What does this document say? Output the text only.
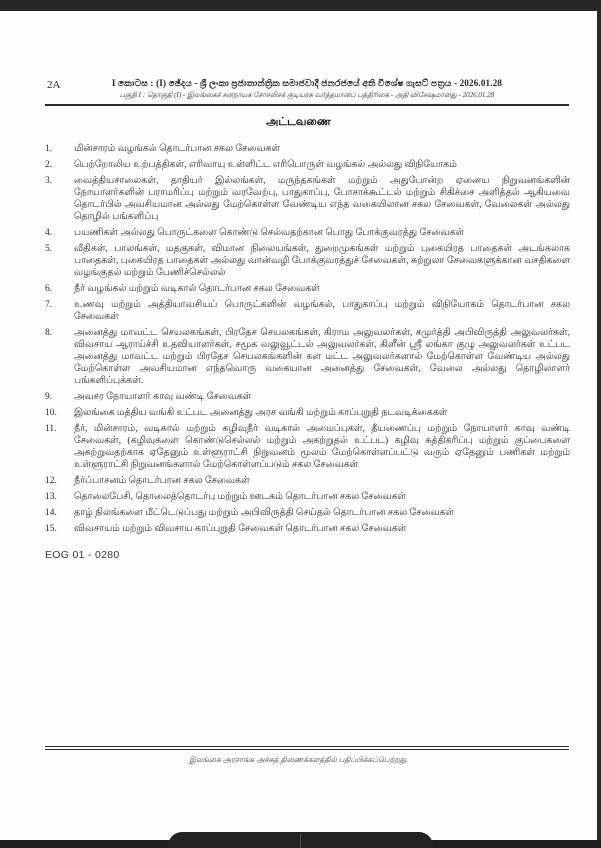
2A	I කොටස : (I) ඡේදය - ශ්‍රී ලංකා ප්‍රජාතාන්ත්‍රික සමාජවාදී ජනරජයේ අති විශේෂ ගැසට් පත්‍රය - 2026.01.28
பகுதி I : தொகுதி (I) - இலங்கைச் சனநாயக சோசலிசக் குடியரசு வர்த்தமானப் பத்திரிகை - அதி விசேஷமானது - 2026.01.28
அட்டவணை
1.	மின்சாரம் வழங்கல் தொடர்பான சகல சேவைகள்
2.	பெற்றோலிய உற்பத்திகள், எரிவாயு உள்ளிட்ட எரிபொருள் வழங்கல் அல்லது விநியோகம்
3.	வைத்தியசாலைகள், தாதியர் இல்லங்கள், மருந்தகங்கள் மற்றும் அதுபோன்ற ஏனைய நிறுவனங்களின் நோயாளர்களின் பராமரிப்பு மற்றும் வரவேற்பு, பாதுகாப்பு, போசாக்கூட்டல் மற்றும் சிகிச்சை அளித்தல் ஆகியவை தொடர்பில் அவசியமான அல்லது மேற்கொள்ள வேண்டிய எந்த வகையிலான சகல சேவைகள், வேலைகள் அல்லது தொழில் பங்களிப்பு
4.	பயணிகள் அல்லது பொருட்களை கொண்டு செல்வதற்கான பொது போக்குவரத்து சேவைகள்
5.	வீதிகள், பாலங்கள், மதகுகள், விமான நிலையங்கள், துறைமுகங்கள் மற்றும் புகையிரத பாதைகள் அடங்கலாக பாதைகள், புகையிரத பாதைகள் அல்லது வான்வழி போக்குவரத்துச் சேவைகள், சுற்றுலா சேவைகளுக்கான வசதிகளை வழங்குதல் மற்றும் பேணிச்செல்லல்
6.	நீர் வழங்கல் மற்றும் வடிகால் தொடர்பான சகல சேவைகள்
7.	உணவு மற்றும் அத்தியாவசியப் பொருட்களின் வழங்கல், பாதுகாப்பு மற்றும் விநியோகம் தொடர்பான சகல சேவைகள்
8.	அனைத்து மாவட்ட செயலகங்கள், பிரதேச செயலகங்கள், கிராம அலுவலர்கள், சமுர்த்தி அபிவிருத்தி அலுவலர்கள், விவசாய ஆராய்ச்சி உதவியாளர்கள், சமூக வலுவூட்டல் அலுவலர்கள், கிளீன் ஸ்ரீ லங்கா குழு அலுவலர்கள் உட்பட அனைத்து மாவட்ட மற்றும் பிரதேச செயலகங்களின் கள மட்ட அலுவலர்களால் மேற்கொள்ள வேண்டிய அல்லது மேற்கொள்ள அவசியமான எந்தவொரு வகையான அனைத்து சேவைகள், வேலை அல்லது தொழிலாளர் பங்களிப்புக்கள்.
9.	அவசர நோயாளர் காவு வண்டி சேவைகள்
10.	இலங்கை மத்திய வங்கி உட்பட அனைத்து அரச வங்கி மற்றும் காப்புறுதி நடவடிக்கைகள்
11.	நீர், மின்சாரம், வடிகால் மற்றும் கழிவுநீர் வடிகால் அமைப்புகள், தீயணைப்பு மற்றும் நோயாளர் காவு வண்டி சேவைகள், (கழிவுகளை கொண்டுசெல்லல் மற்றும் அகற்றுதல் உட்பட) கழிவு சுத்திகரிப்பு மற்றும் குப்பைகளை அகற்றுவதற்காக ஏதேனும் உள்ளூராட்சி நிறுவனம் மூலம் மேற்கொள்ளப்பட்டு வரும் ஏதேனும் பணிகள் மற்றும் உள்ளூராட்சி நிறுவனங்களால் மேற்கொள்ளப்படும் சகல சேவைகள்
12.	நீர்ப்பாசனம் தொடர்பான சகல சேவைகள்
13.	தொலைபேசி, தொலைத்தொடர்பு மற்றும் ஊடகம் தொடர்பான சகல சேவைகள்
14.	தாழ் நிலங்களை மீட்டெடுப்பது மற்றும் அபிவிருத்தி செய்தல் தொடர்பான சகல சேவைகள்
15.	விவசாயம் மற்றும் விவசாய காப்புறுதி சேவைகள் தொடர்பான சகல சேவைகள்
EOG 01 - 0280
இலங்கை அரசாங்க அச்சுத் திணைக்களத்தில் பதிப்பிக்கப்பெற்றது.
